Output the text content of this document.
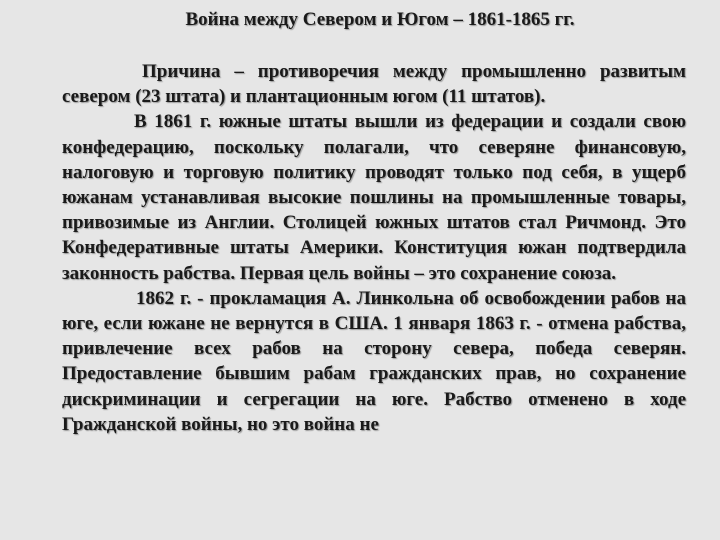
Война между Севером и Югом – 1861-1865 гг.

Причина – противоречия между промышленно развитым севером (23 штата) и плантационным югом (11 штатов).

В 1861 г. южные штаты вышли из федерации и создали свою конфедерацию, поскольку полагали, что северяне финансовую, налоговую и торговую политику проводят только под себя, в ущерб южанам устанавливая высокие пошлины на промышленные товары, привозимые из Англии. Столицей южных штатов стал Ричмонд. Это Конфедеративные штаты Америки. Конституция южан подтвердила законность рабства. Первая цель войны – это сохранение союза.

1862 г. - прокламация А. Линкольна об освобождении рабов на юге, если южане не вернутся в США. 1 января 1863 г. - отмена рабства, привлечение всех рабов на сторону севера, победа северян. Предоставление бывшим рабам гражданских прав, но сохранение дискриминации и сегрегации на юге. Рабство отменено в ходе Гражданской войны, но это война не
